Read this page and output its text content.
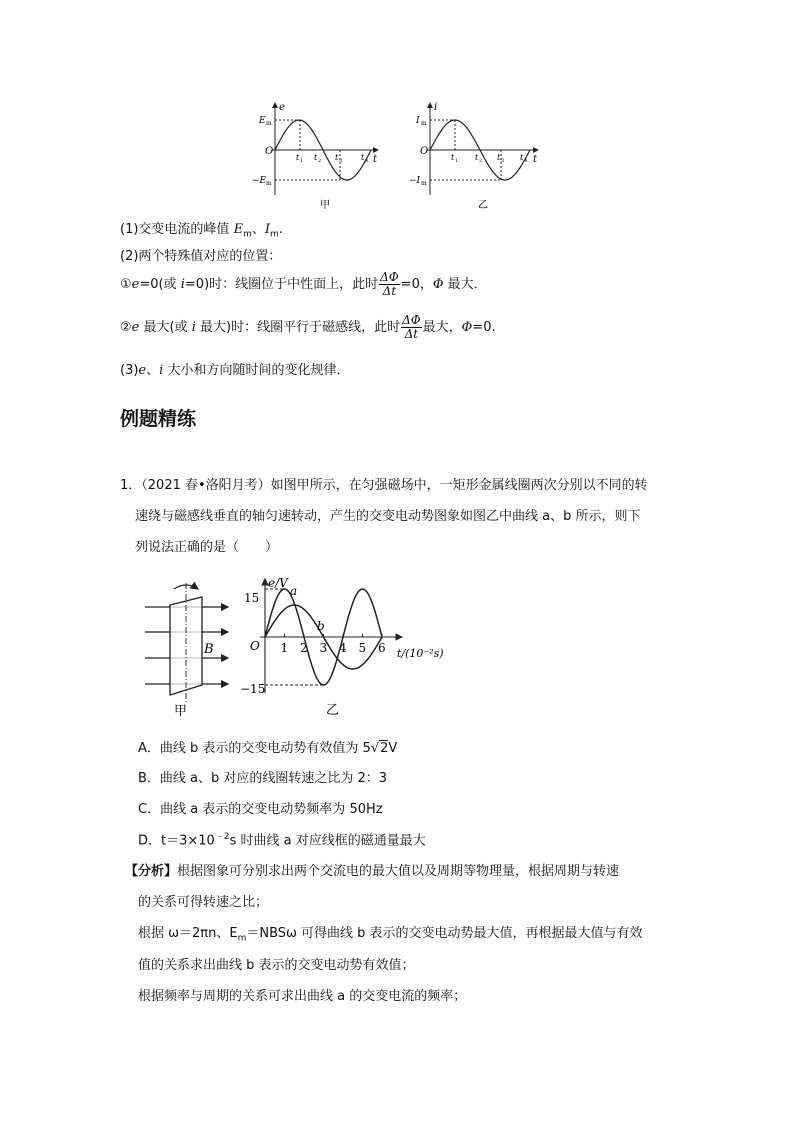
e
t
O
E m
−E m
t 1 t 2 t 3 t 4
甲
i
t
O
I m
−I m
t 1 t 2 t 3 t 4
乙
(1)交变电流的峰值 $E_m$、$I_m$.
(2)两个特殊值对应的位置：
①e=0(或 i=0)时：线圈位于中性面上，此时 $\frac{\Delta\Phi}{\Delta t} =0$，Φ 最大．
②e 最大(或 i 最大)时：线圈平行于磁感线，此时 $\frac{\Delta\Phi}{\Delta t}$ 最大，Φ=0.
(3)e、i 大小和方向随时间的变化规律．
例题精练
1．（2021 春•洛阳月考）如图甲所示，在匀强磁场中，一矩形金属线圈两次分别以不同的转
速绕与磁感线垂直的轴匀速转动，产生的交变电动势图象如图乙中曲线 a、b 所示，则下
列说法正确的是（　　）
B
甲
1 2 3 4 5 6
e/V
15
−15
O
t/(10⁻²s)
a
b
乙
A．曲线 b 表示的交变电动势有效值为 5√2V
B．曲线 a、b 对应的线圈转速之比为 2：3
C．曲线 a 表示的交变电动势频率为 50Hz
D．$t=3\times 10^{﹣2}s$ 时曲线 a 对应线框的磁通量最大
【分析】根据图象可分别求出两个交流电的最大值以及周期等物理量，根据周期与转速
的关系可得转速之比；
根据 ω＝2πn、$E_m=NBS\omega$ 可得曲线 b 表示的交变电动势最大值，再根据最大值与有效
值的关系求出曲线 b 表示的交变电动势有效值；
根据频率与周期的关系可求出曲线 a 的交变电流的频率；
